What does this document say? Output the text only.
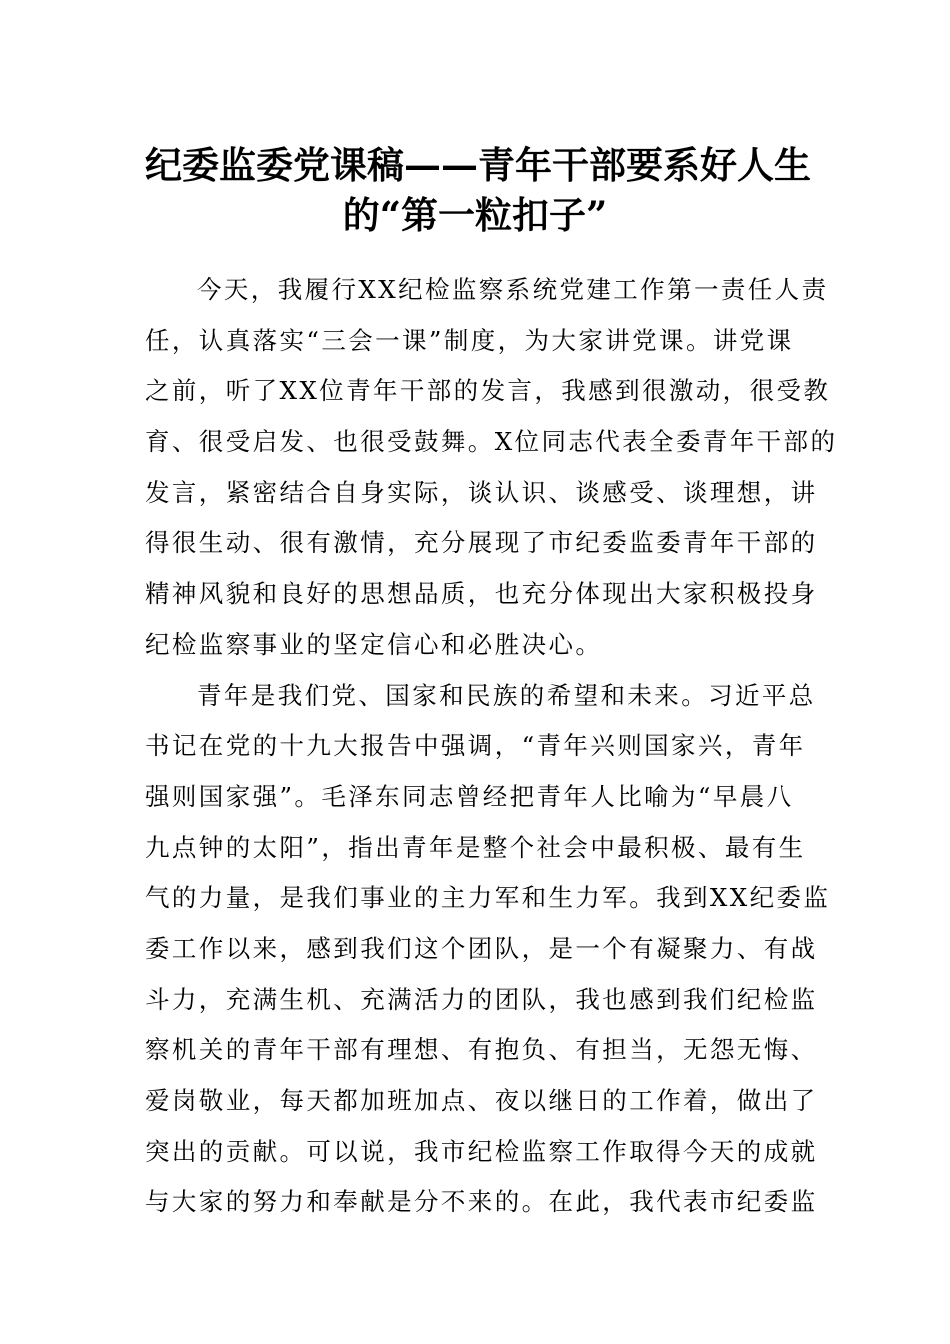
纪委监委党课稿——青年干部要系好人生
的“第一粒扣子”
今天，我履行XX纪检监察系统党建工作第一责任人责
任，认真落实“三会一课”制度，为大家讲党课。讲党课
之前，听了XX位青年干部的发言，我感到很激动，很受教
育、很受启发、也很受鼓舞。X位同志代表全委青年干部的
发言，紧密结合自身实际，谈认识、谈感受、谈理想，讲
得很生动、很有激情，充分展现了市纪委监委青年干部的
精神风貌和良好的思想品质，也充分体现出大家积极投身
纪检监察事业的坚定信心和必胜决心。
青年是我们党、国家和民族的希望和未来。习近平总
书记在党的十九大报告中强调，“青年兴则国家兴，青年
强则国家强”。毛泽东同志曾经把青年人比喻为“早晨八
九点钟的太阳”，指出青年是整个社会中最积极、最有生
气的力量，是我们事业的主力军和生力军。我到XX纪委监
委工作以来，感到我们这个团队，是一个有凝聚力、有战
斗力，充满生机、充满活力的团队，我也感到我们纪检监
察机关的青年干部有理想、有抱负、有担当，无怨无悔、
爱岗敬业，每天都加班加点、夜以继日的工作着，做出了
突出的贡献。可以说，我市纪检监察工作取得今天的成就
与大家的努力和奉献是分不来的。在此，我代表市纪委监
